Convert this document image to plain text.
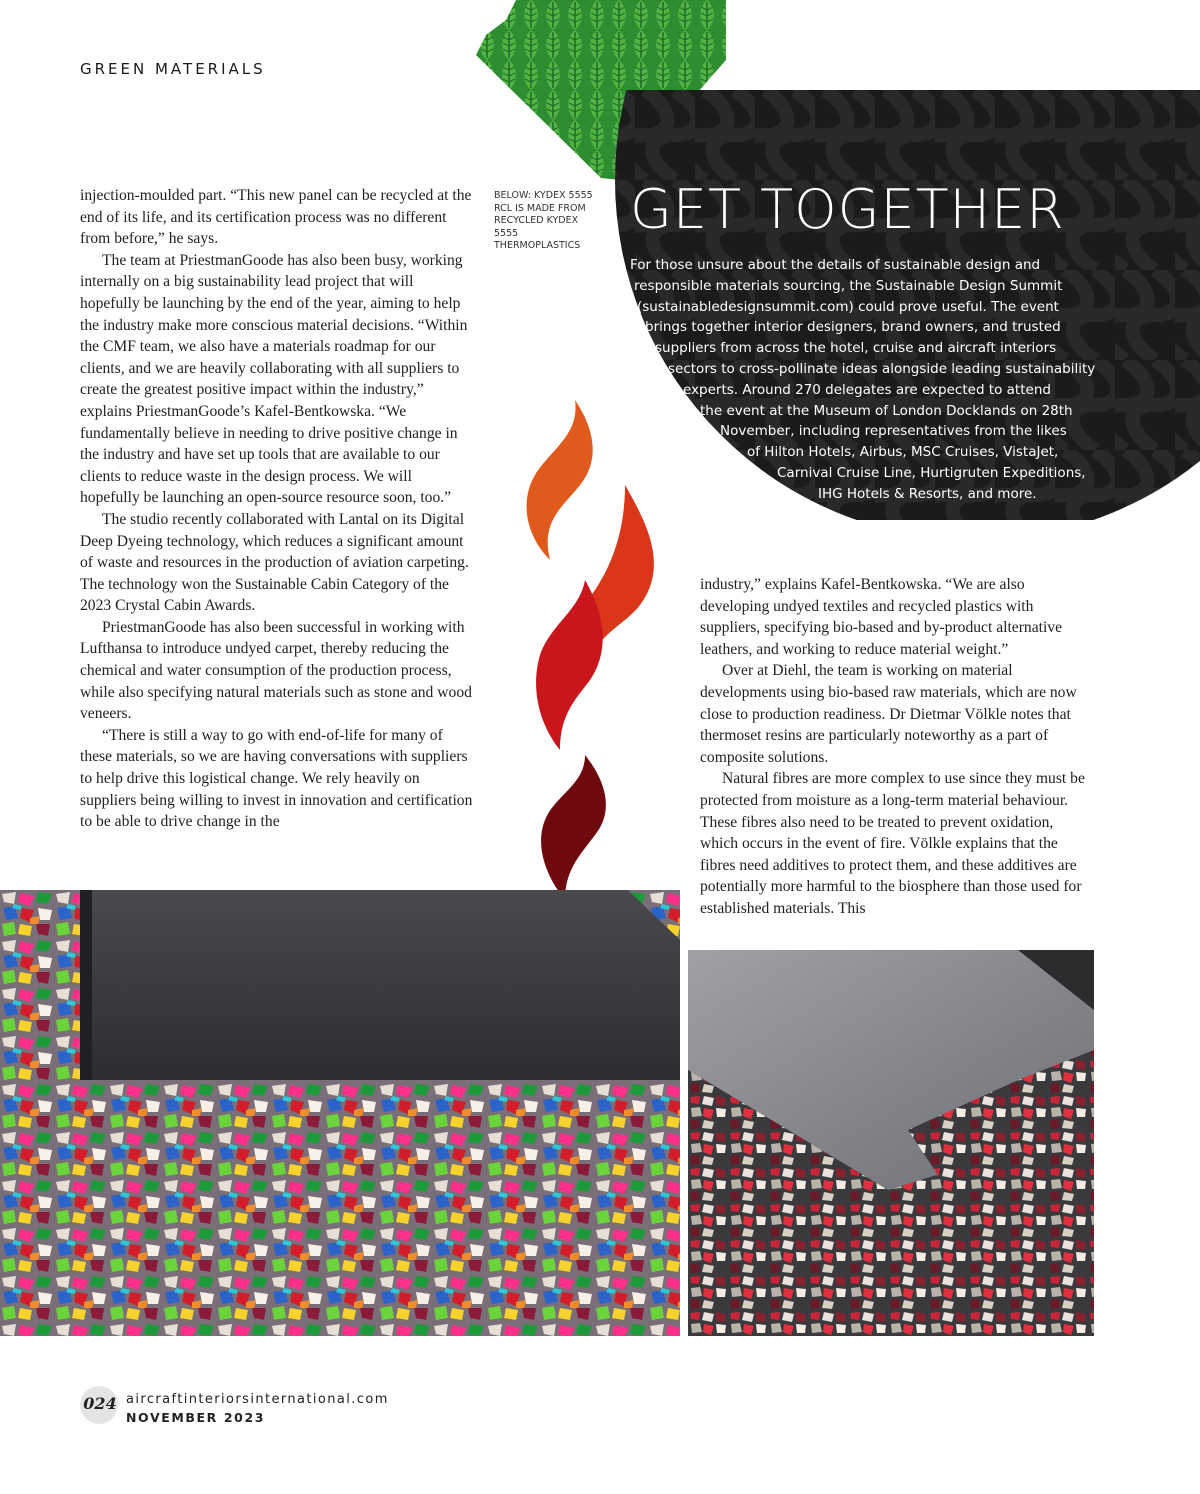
GREEN MATERIALS
GET TOGETHER
For those unsure about the details of sustainable design and
responsible materials sourcing, the Sustainable Design Summit
(sustainabledesignsummit.com) could prove useful. The event
brings together interior designers, brand owners, and trusted
suppliers from across the hotel, cruise and aircraft interiors
sectors to cross-pollinate ideas alongside leading sustainability
experts. Around 270 delegates are expected to attend
the event at the Museum of London Docklands on 28th
November, including representatives from the likes
of Hilton Hotels, Airbus, MSC Cruises, VistaJet,
Carnival Cruise Line, Hurtigruten Expeditions,
IHG Hotels & Resorts, and more.
BELOW: KYDEX 5555 RCL IS MADE FROM RECYCLED KYDEX 5555 THERMOPLASTICS

injection-moulded part. “This new panel can be recycled at the end of its life, and its certification process was no different from before,” he says.

The team at PriestmanGoode has also been busy, working internally on a big sustainability lead project that will hopefully be launching by the end of the year, aiming to help the industry make more conscious material decisions. “Within the CMF team, we also have a materials roadmap for our clients, and we are heavily collaborating with all suppliers to create the greatest positive impact within the industry,” explains PriestmanGoode’s Kafel-Bentkowska. “We fundamentally believe in needing to drive positive change in the industry and have set up tools that are available to our clients to reduce waste in the design process. We will hopefully be launching an open-source resource soon, too.”

The studio recently collaborated with Lantal on its Digital Deep Dyeing technology, which reduces a significant amount of waste and resources in the production of aviation carpeting. The technology won the Sustainable Cabin Category of the 2023 Crystal Cabin Awards.

PriestmanGoode has also been successful in working with Lufthansa to introduce undyed carpet, thereby reducing the chemical and water consumption of the production process, while also specifying natural materials such as stone and wood veneers.

“There is still a way to go with end-of-life for many of these materials, so we are having conversations with suppliers to help drive this logistical change. We rely heavily on suppliers being willing to invest in innovation and certification to be able to drive change in the

industry,” explains Kafel-Bentkowska. “We are also developing undyed textiles and recycled plastics with suppliers, specifying bio-based and by-product alternative leathers, and working to reduce material weight.”

Over at Diehl, the team is working on material developments using bio-based raw materials, which are now close to production readiness. Dr Dietmar Völkle notes that thermoset resins are particularly noteworthy as a part of composite solutions.

Natural fibres are more complex to use since they must be protected from moisture as a long-term material behaviour. These fibres also need to be treated to prevent oxidation, which occurs in the event of fire. Völkle explains that the fibres need additives to protect them, and these additives are potentially more harmful to the biosphere than those used for established materials. This

024 aircraftinteriorsinternational.com
NOVEMBER 2023
